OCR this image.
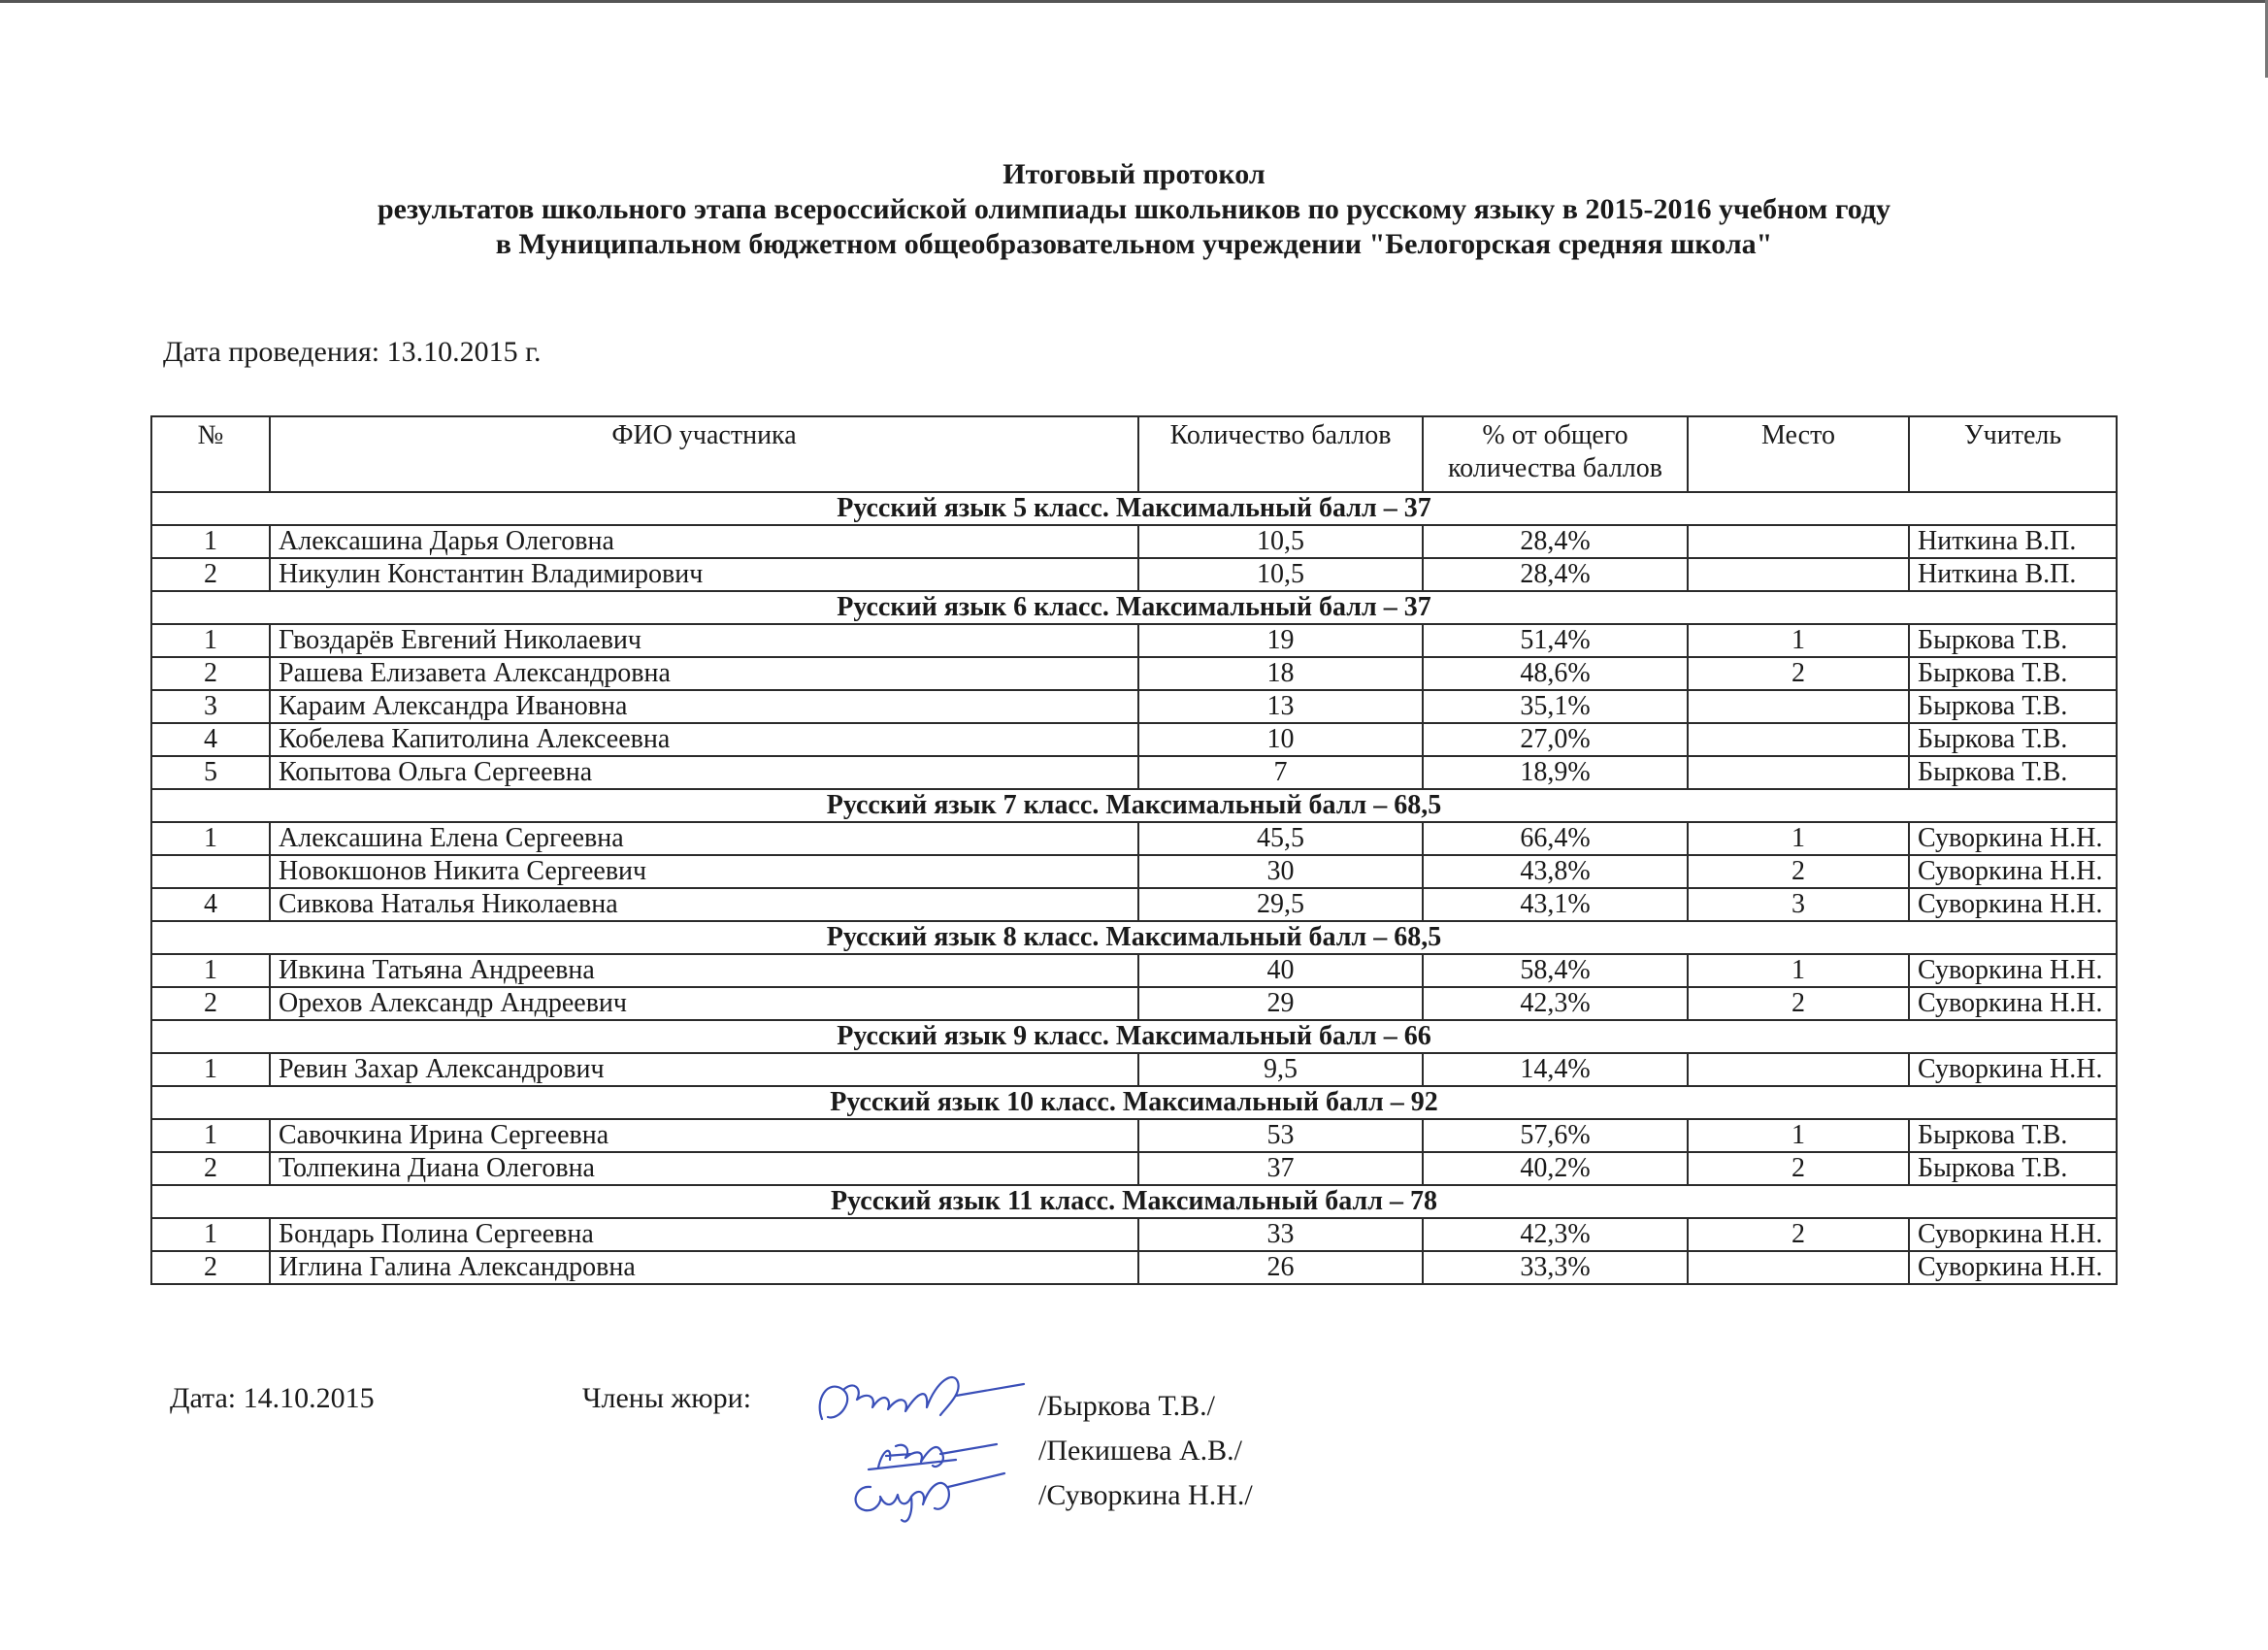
Итоговый протокол
результатов школьного этапа всероссийской олимпиады школьников по русскому языку в 2015-2016 учебном году
в Муниципальном бюджетном общеобразовательном учреждении "Белогорская средняя школа"
Дата проведения: 13.10.2015 г.
№	ФИО участника	Количество баллов	% от общего количества баллов	Место	Учитель
Русский язык 5 класс. Максимальный балл – 37					
1	Алексашина Дарья Олеговна	10,5	28,4%		Ниткина В.П.
2	Никулин Константин Владимирович	10,5	28,4%		Ниткина В.П.
Русский язык 6 класс. Максимальный балл – 37					
1	Гвоздарёв Евгений Николаевич	19	51,4%	1	Быркова Т.В.
2	Рашева Елизавета Александровна	18	48,6%	2	Быркова Т.В.
3	Караим Александра Ивановна	13	35,1%		Быркова Т.В.
4	Кобелева Капитолина Алексеевна	10	27,0%		Быркова Т.В.
5	Копытова Ольга Сергеевна	7	18,9%		Быркова Т.В.
Русский язык 7 класс. Максимальный балл – 68,5					
1	Алексашина Елена Сергеевна	45,5	66,4%	1	Суворкина Н.Н.
	Новокшонов Никита Сергеевич	30	43,8%	2	Суворкина Н.Н.
4	Сивкова Наталья Николаевна	29,5	43,1%	3	Суворкина Н.Н.
Русский язык 8 класс. Максимальный балл – 68,5					
1	Ивкина Татьяна Андреевна	40	58,4%	1	Суворкина Н.Н.
2	Орехов Александр Андреевич	29	42,3%	2	Суворкина Н.Н.
Русский язык 9 класс. Максимальный балл – 66					
1	Ревин Захар Александрович	9,5	14,4%		Суворкина Н.Н.
Русский язык 10 класс. Максимальный балл – 92					
1	Савочкина Ирина Сергеевна	53	57,6%	1	Быркова Т.В.
2	Толпекина Диана Олеговна	37	40,2%	2	Быркова Т.В.
Русский язык 11 класс. Максимальный балл – 78					
1	Бондарь Полина Сергеевна	33	42,3%	2	Суворкина Н.Н.
2	Иглина Галина Александровна	26	33,3%		Суворкина Н.Н.
Дата: 14.10.2015	Члены жюри:	/Быркова Т.В./
/Пекишева А.В./
/Суворкина Н.Н./
